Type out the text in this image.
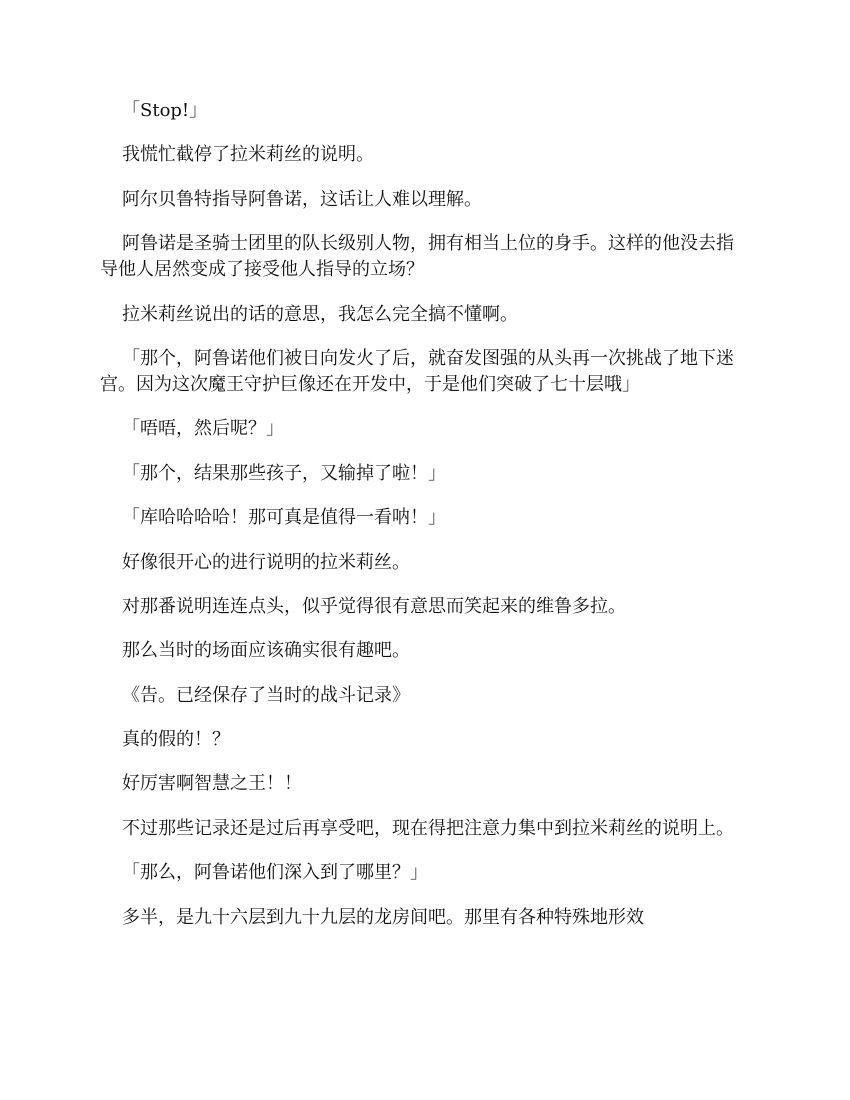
「Stop!」

我慌忙截停了拉米莉丝的说明。

阿尔贝鲁特指导阿鲁诺，这话让人难以理解。

阿鲁诺是圣骑士团里的队长级别人物，拥有相当上位的身手。这样的他没去指导他人居然变成了接受他人指导的立场？

拉米莉丝说出的话的意思，我怎么完全搞不懂啊。

「那个，阿鲁诺他们被日向发火了后，就奋发图强的从头再一次挑战了地下迷宫。因为这次魔王守护巨像还在开发中，于是他们突破了七十层哦」

「唔唔，然后呢？」

「那个，结果那些孩子，又输掉了啦！」

「库哈哈哈哈！那可真是值得一看呐！」

好像很开心的进行说明的拉米莉丝。

对那番说明连连点头，似乎觉得很有意思而笑起来的维鲁多拉。

那么当时的场面应该确实很有趣吧。

《告。已经保存了当时的战斗记录》

真的假的！？

好厉害啊智慧之王！！

不过那些记录还是过后再享受吧，现在得把注意力集中到拉米莉丝的说明上。

「那么，阿鲁诺他们深入到了哪里？」

多半，是九十六层到九十九层的龙房间吧。那里有各种特殊地形效
